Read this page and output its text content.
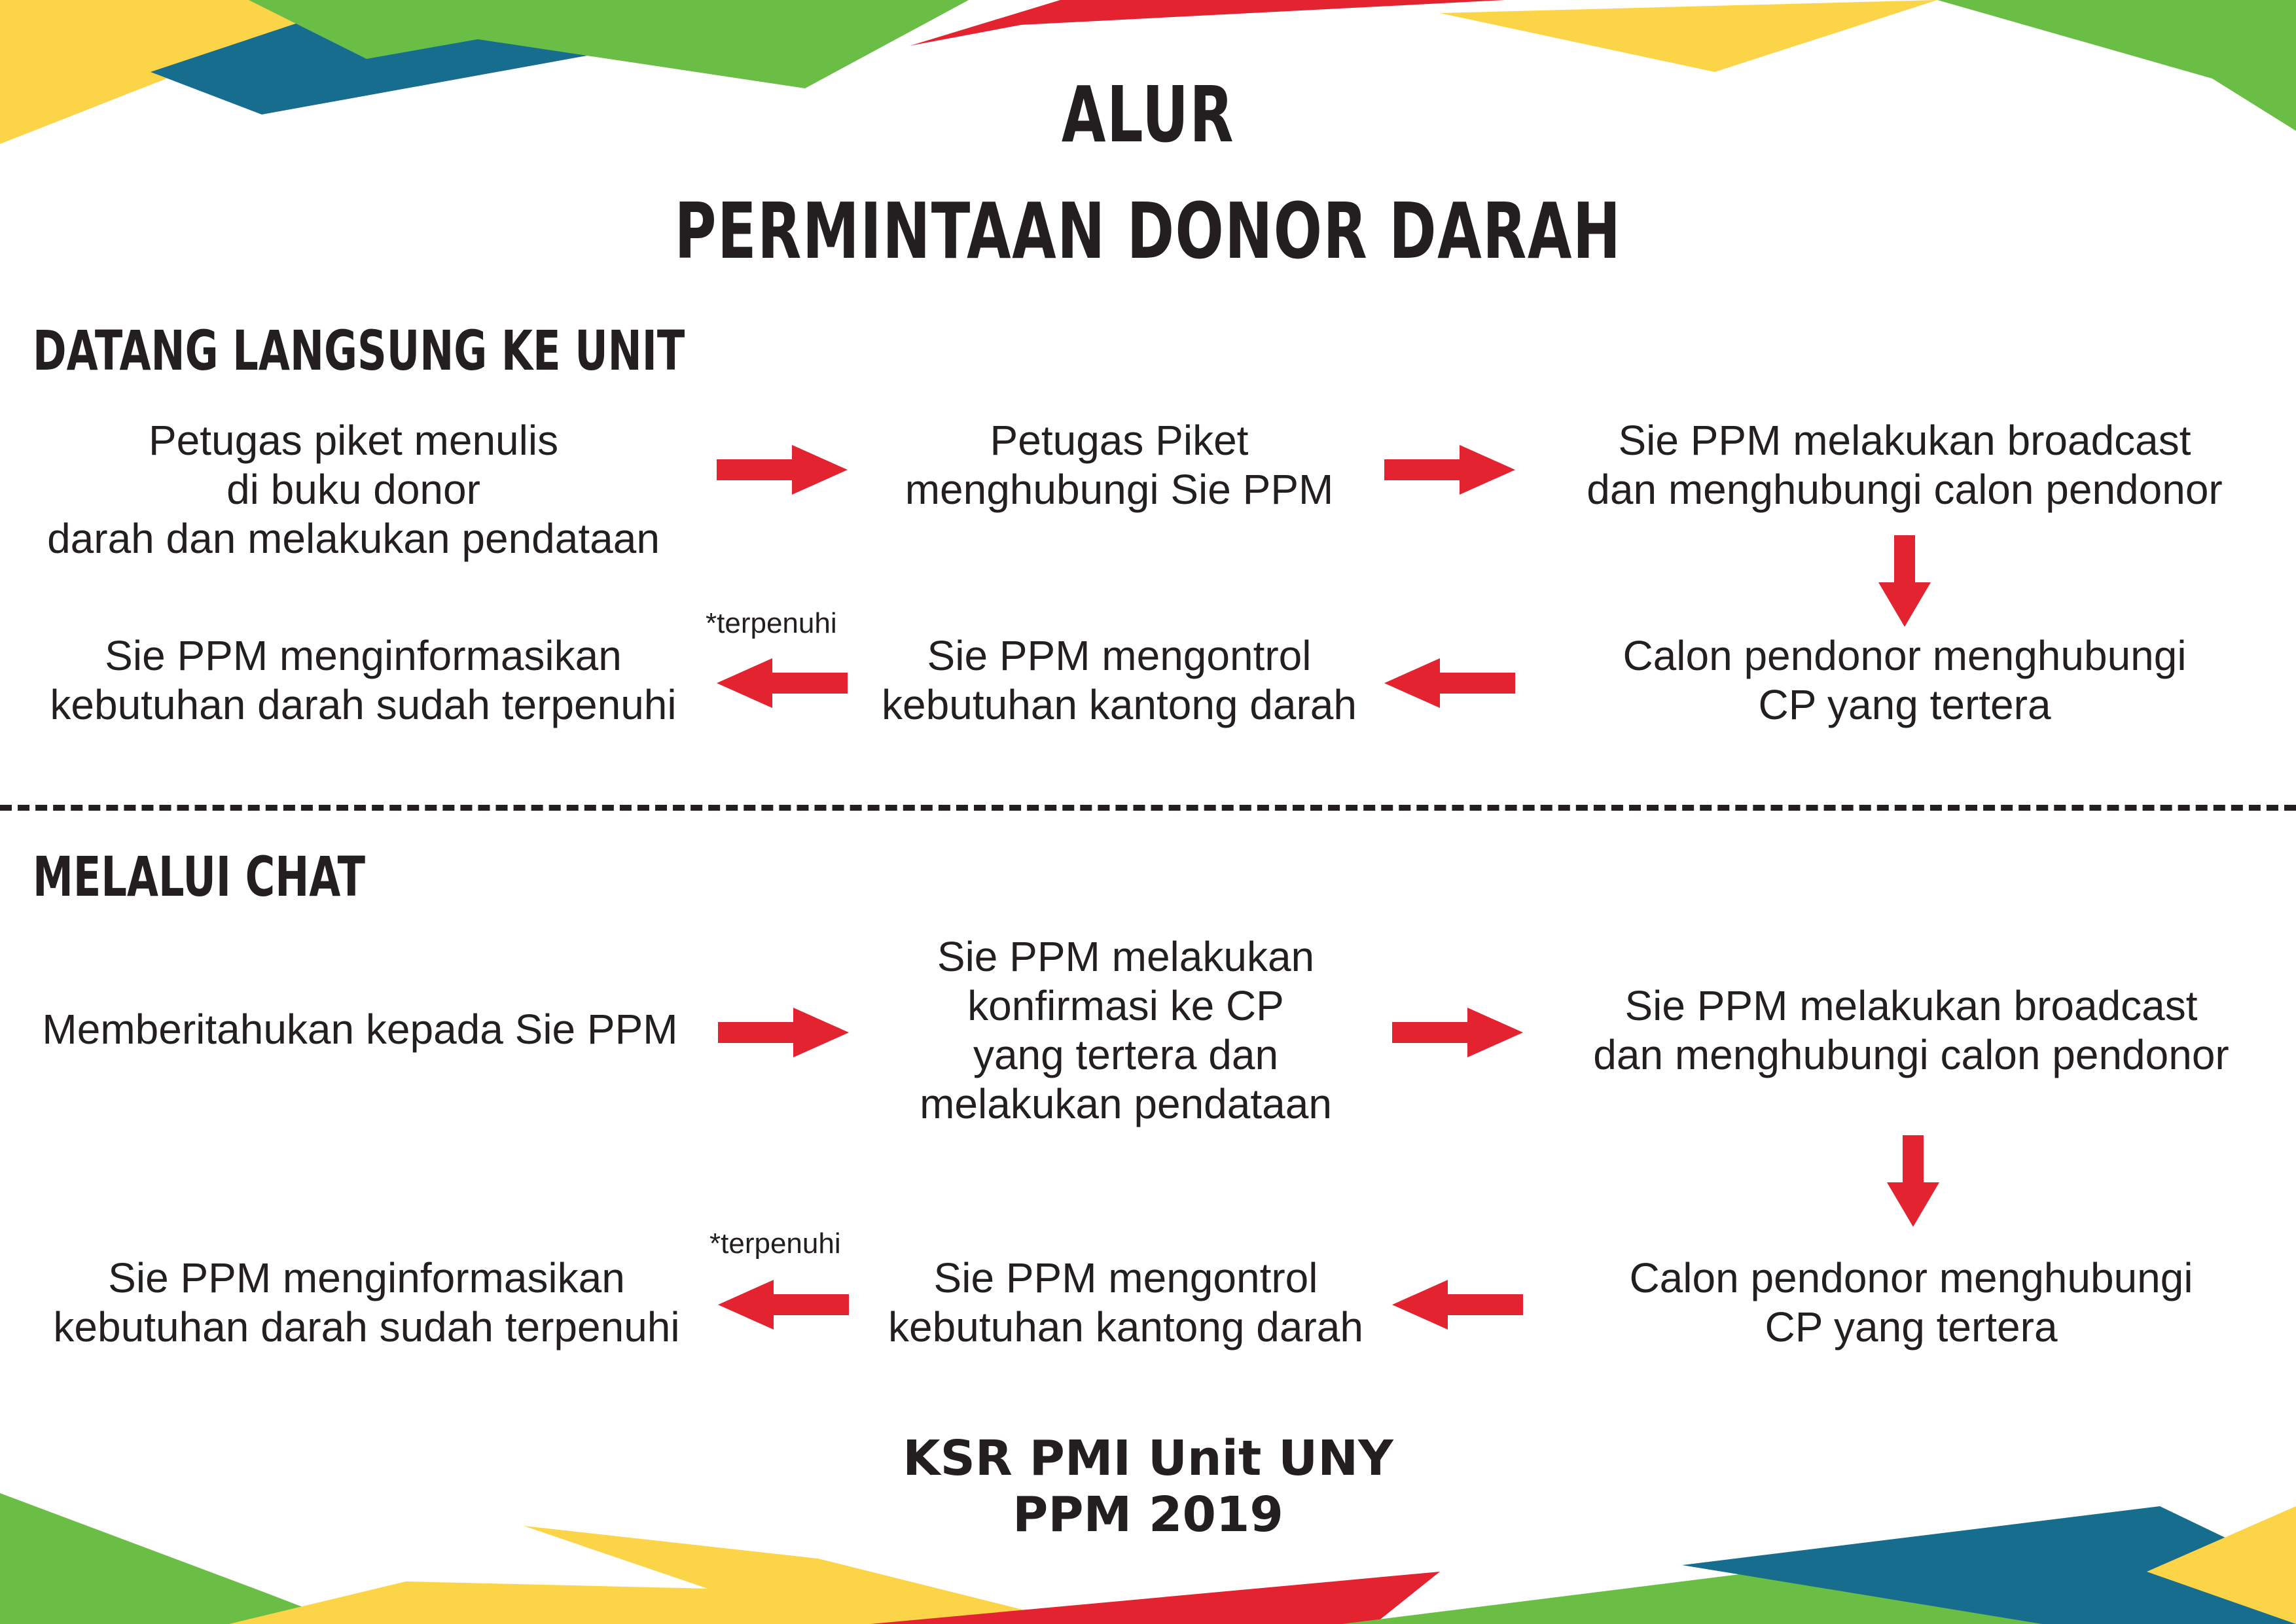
ALUR
PERMINTAAN DONOR DARAH
DATANG LANGSUNG KE UNIT
Petugas piket menulis
di buku donor
darah dan melakukan pendataan
Petugas Piket
menghubungi Sie PPM
Sie PPM melakukan broadcast
dan menghubungi calon pendonor
Calon pendonor menghubungi
CP yang tertera
Sie PPM mengontrol
kebutuhan kantong darah
Sie PPM menginformasikan
kebutuhan darah sudah terpenuhi
*terpenuhi
MELALUI CHAT
Memberitahukan kepada Sie PPM
Sie PPM melakukan
konfirmasi ke CP
yang tertera dan
melakukan pendataan
Sie PPM melakukan broadcast
dan menghubungi calon pendonor
Calon pendonor menghubungi
CP yang tertera
Sie PPM mengontrol
kebutuhan kantong darah
Sie PPM menginformasikan
kebutuhan darah sudah terpenuhi
*terpenuhi
KSR PMI Unit UNY
PPM 2019
